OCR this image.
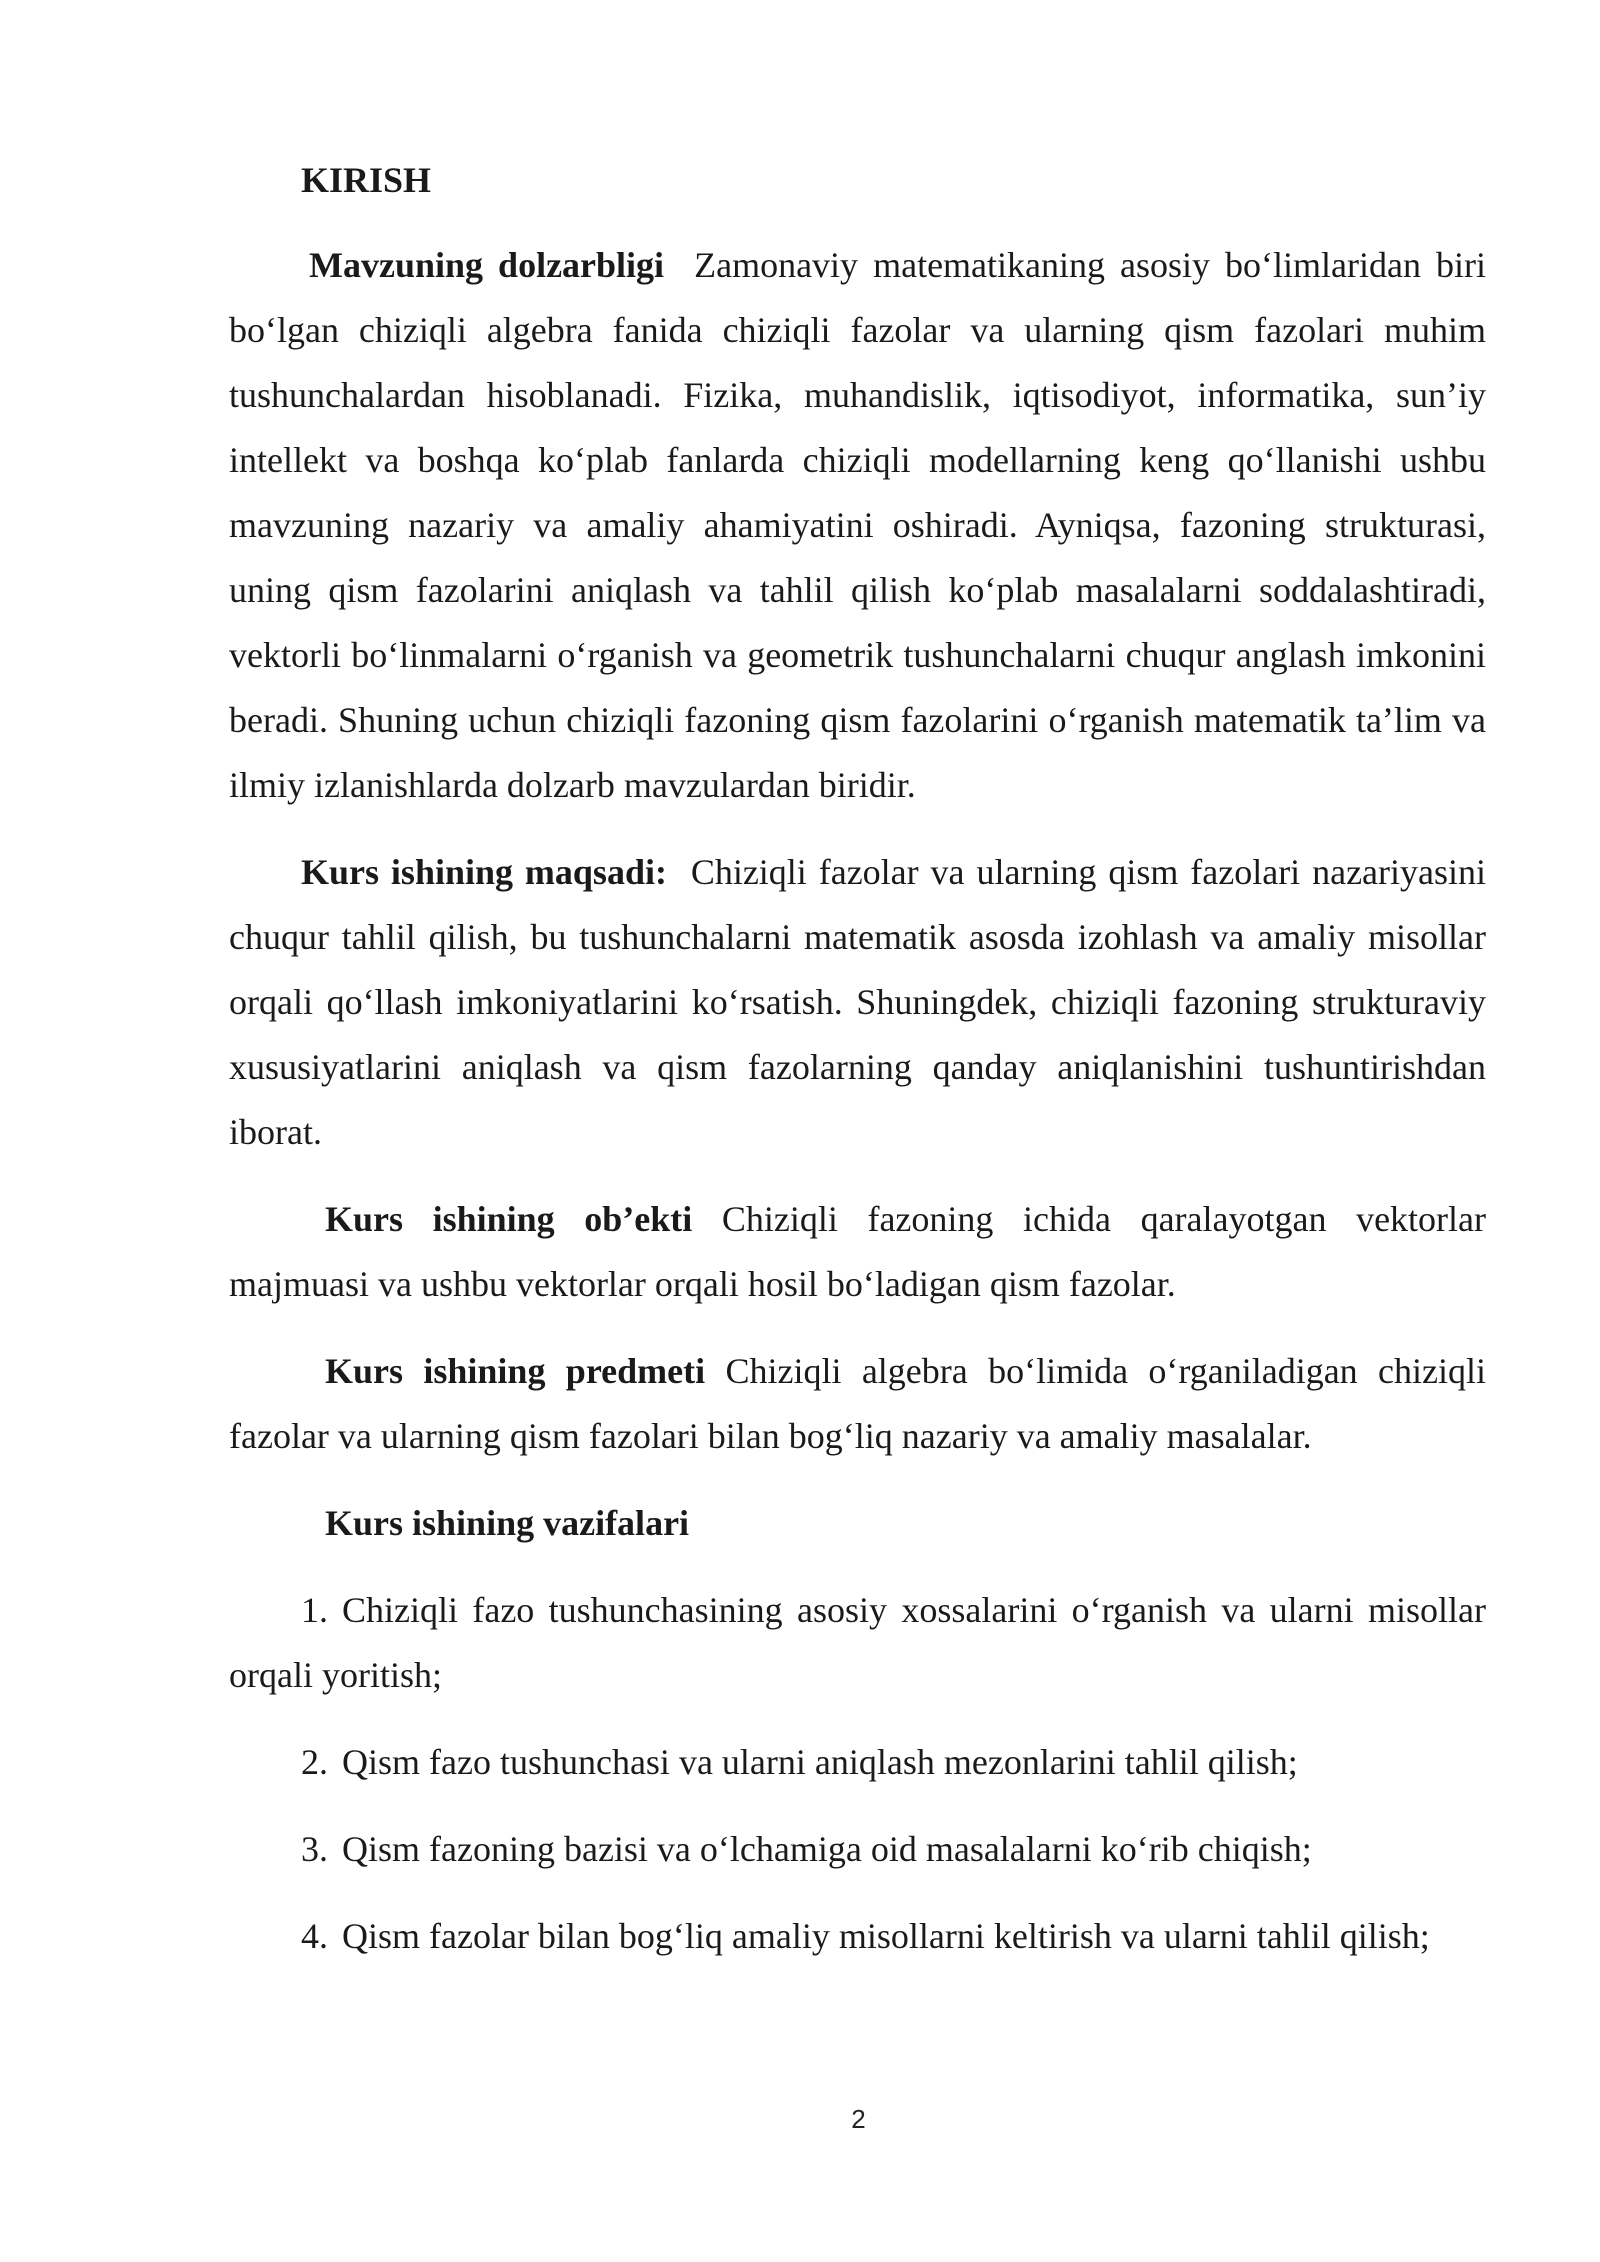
KIRISH

Mavzuning dolzarbligi Zamonaviy matematikaning asosiy bo‘limlaridan biri bo‘lgan chiziqli algebra fanida chiziqli fazolar va ularning qism fazolari muhim tushunchalardan hisoblanadi. Fizika, muhandislik, iqtisodiyot, informatika, sun’iy intellekt va boshqa ko‘plab fanlarda chiziqli modellarning keng qo‘llanishi ushbu mavzuning nazariy va amaliy ahamiyatini oshiradi. Ayniqsa, fazoning strukturasi, uning qism fazolarini aniqlash va tahlil qilish ko‘plab masalalarni soddalashtiradi, vektorli bo‘linmalarni o‘rganish va geometrik tushunchalarni chuqur anglash imkonini beradi. Shuning uchun chiziqli fazoning qism fazolarini o‘rganish matematik ta’lim va ilmiy izlanishlarda dolzarb mavzulardan biridir.

Kurs ishining maqsadi: Chiziqli fazolar va ularning qism fazolari nazariyasini chuqur tahlil qilish, bu tushunchalarni matematik asosda izohlash va amaliy misollar orqali qo‘llash imkoniyatlarini ko‘rsatish. Shuningdek, chiziqli fazoning strukturaviy xususiyatlarini aniqlash va qism fazolarning qanday aniqlanishini tushuntirishdan iborat.

Kurs ishining ob’ekti Chiziqli fazoning ichida qaralayotgan vektorlar majmuasi va ushbu vektorlar orqali hosil bo‘ladigan qism fazolar.

Kurs ishining predmeti Chiziqli algebra bo‘limida o‘rganiladigan chiziqli fazolar va ularning qism fazolari bilan bog‘liq nazariy va amaliy masalalar.

Kurs ishining vazifalari

1. Chiziqli fazo tushunchasining asosiy xossalarini o‘rganish va ularni misollar orqali yoritish;

2. Qism fazo tushunchasi va ularni aniqlash mezonlarini tahlil qilish;

3. Qism fazoning bazisi va o‘lchamiga oid masalalarni ko‘rib chiqish;

4. Qism fazolar bilan bog‘liq amaliy misollarni keltirish va ularni tahlil qilish;

2
